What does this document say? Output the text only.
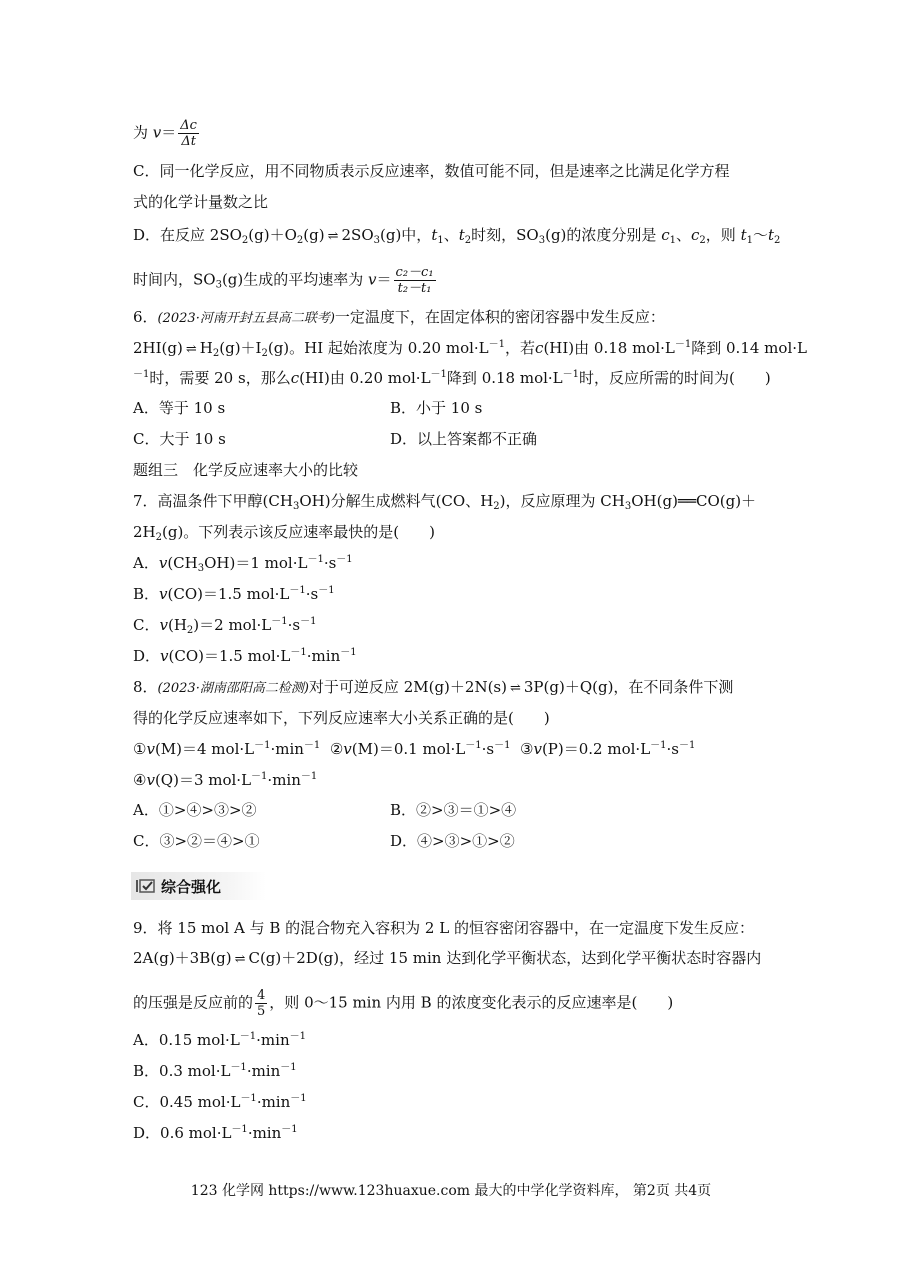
为 $v= \frac{\Delta c}{\Delta t}$
C．同一化学反应，用不同物质表示反应速率，数值可能不同，但是速率之比满足化学方程
式的化学计量数之比
D．在反应 $2SO_2(g)+O_2(g)$ ⇌ $2SO_3(g)$中，$t_1$、$t_2$时刻，$SO_3(g)$的浓度分别是 $c_1$、$c_2$，则 $t_1\sim t_2$
时间内，$SO_3(g)$生成的平均速率为 $v= \frac{\text{c₂－c₁}}{\text{t₂－t₁}}$
6．(2023·河南开封五县高二联考)一定温度下，在固定体积的密闭容器中发生反应：
2HI(g) ⇌ $H_2(g)+I_2(g)$。HI 起始浓度为 0.20 $mol\cdot L^{-1}$，若c(HI)由 0.18 $mol\cdot L^{-1}$降到 0.14 mol·L
$^{-1}$时，需要 20 s，那么c(HI)由 0.20 $mol\cdot L^{-1}$降到 0.18 $mol\cdot L^{-1}$时，反应所需的时间为(　　)
A．等于 10 s	B．小于 10 s
C．大于 10 s	D．以上答案都不正确
题组三　化学反应速率大小的比较
7．高温条件下甲醇$(CH_3OH)$分解生成燃料气(CO、$H_2$)，反应原理为 $CH_3OH(g)══CO(g)+$
$2H_2(g)$。下列表示该反应速率最快的是(　　)
A．$v(CH_3OH)=1$ $mol\cdot L^{-1}\cdot s^{-1}$
B．v(CO)＝1.5 $mol\cdot L^{-1}\cdot s^{-1}$
C．$v(H_2)=2$ $mol\cdot L^{-1}\cdot s^{-1}$
D．v(CO)＝1.5 $mol\cdot L^{-1}\cdot\min^{-1}$
8．(2023·湖南邵阳高二检测)对于可逆反应 2M(g)＋2N(s) ⇌ 3P(g)＋Q(g)，在不同条件下测
得的化学反应速率如下，下列反应速率大小关系正确的是(　　)
①v(M)＝4 $mol\cdot L^{-1}\cdot\min^{-1}$ ②v(M)＝0.1 $mol\cdot L^{-1}\cdot s^{-1}$ ③v(P)＝0.2 $mol\cdot L^{-1}\cdot s^{-1}$
④v(Q)＝3 $mol\cdot L^{-1}\cdot\min^{-1}$
A．①>④>③>②	B．②>③＝①>④
C．③>②＝④>①	D．④>③>①>②
综合强化
9．将 15 mol A 与 B 的混合物充入容积为 2 L 的恒容密闭容器中，在一定温度下发生反应：
2A(g)＋3B(g) ⇌ C(g)＋2D(g)，经过 15 min 达到化学平衡状态，达到化学平衡状态时容器内
的压强是反应前的 $\frac{4}{5}$ ，则 0～15 min 内用 B 的浓度变化表示的反应速率是(　　)
A．0.15 $mol\cdot L^{-1}\cdot\min^{-1}$
B．0.3 $mol\cdot L^{-1}\cdot\min^{-1}$
C．0.45 $mol\cdot L^{-1}\cdot\min^{-1}$
D．0.6 $mol\cdot L^{-1}\cdot\min^{-1}$
123 化学网 https://www.123huaxue.com 最大的中学化学资料库， 第2页 共4页
